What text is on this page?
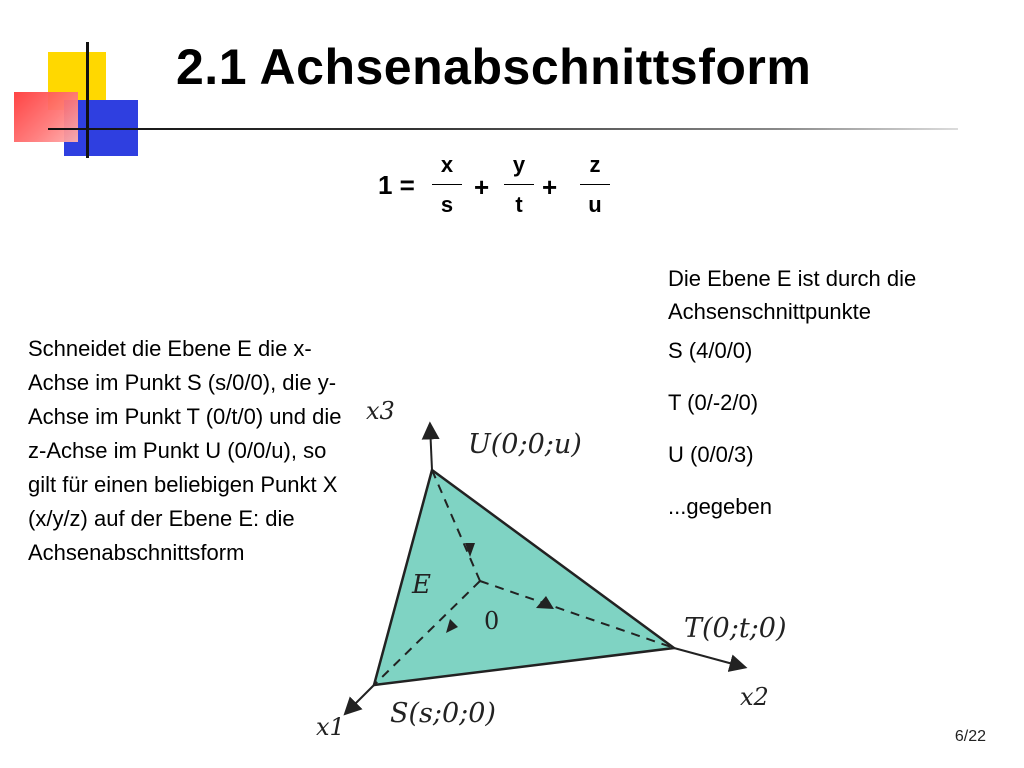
2.1 Achsenabschnittsform
1 =
x
s
+
y
t
+
z
u
Schneidet die Ebene E die x-Achse im Punkt S (s/0/0), die y-Achse im Punkt T (0/t/0) und die z-Achse im Punkt U (0/0/u), so gilt für einen beliebigen Punkt X (x/y/z) auf der Ebene E: die Achsenabschnittsform
Die Ebene E ist durch die Achsenschnittpunkte
S (4/0/0)
T (0/-2/0)
U (0/0/3)
...gegeben
x3
x2
x1
U(0;0;u)
T(0;t;0)
S(s;0;0)
E
0
6/22
